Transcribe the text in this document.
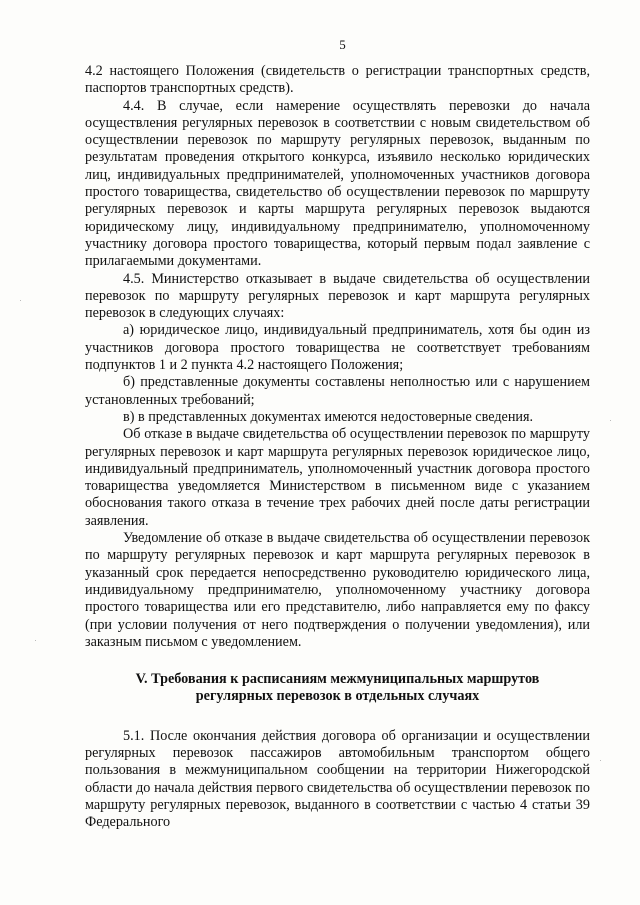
5

4.2 настоящего Положения (свидетельств о регистрации транспортных средств, паспортов транспортных средств).

4.4. В случае, если намерение осуществлять перевозки до начала осуществления регулярных перевозок в соответствии с новым свидетельством об осуществлении перевозок по маршруту регулярных перевозок, выданным по результатам проведения открытого конкурса, изъявило несколько юридических лиц, индивидуальных предпринимателей, уполномоченных участников договора простого товарищества, свидетельство об осуществлении перевозок по маршруту регулярных перевозок и карты маршрута регулярных перевозок выдаются юридическому лицу, индивидуальному предпринимателю, уполномоченному участнику договора простого товарищества, который первым подал заявление с прилагаемыми документами.

4.5. Министерство отказывает в выдаче свидетельства об осуществлении перевозок по маршруту регулярных перевозок и карт маршрута регулярных перевозок в следующих случаях:

а) юридическое лицо, индивидуальный предприниматель, хотя бы один из участников договора простого товарищества не соответствует требованиям подпунктов 1 и 2 пункта 4.2 настоящего Положения;

б) представленные документы составлены неполностью или с нарушением установленных требований;

в) в представленных документах имеются недостоверные сведения.

Об отказе в выдаче свидетельства об осуществлении перевозок по маршруту регулярных перевозок и карт маршрута регулярных перевозок юридическое лицо, индивидуальный предприниматель, уполномоченный участник договора простого товарищества уведомляется Министерством в письменном виде с указанием обоснования такого отказа в течение трех рабочих дней после даты регистрации заявления.

Уведомление об отказе в выдаче свидетельства об осуществлении перевозок по маршруту регулярных перевозок и карт маршрута регулярных перевозок в указанный срок передается непосредственно руководителю юридического лица, индивидуальному предпринимателю, уполномоченному участнику договора простого товарищества или его представителю, либо направляется ему по факсу (при условии получения от него подтверждения о получении уведомления), или заказным письмом с уведомлением.

V. Требования к расписаниям межмуниципальных маршрутов
регулярных перевозок в отдельных случаях

5.1. После окончания действия договора об организации и осуществлении регулярных перевозок пассажиров автомобильным транспортом общего пользования в межмуниципальном сообщении на территории Нижегородской области до начала действия первого свидетельства об осуществлении перевозок по маршруту регулярных перевозок, выданного в соответствии с частью 4 статьи 39 Федерального
